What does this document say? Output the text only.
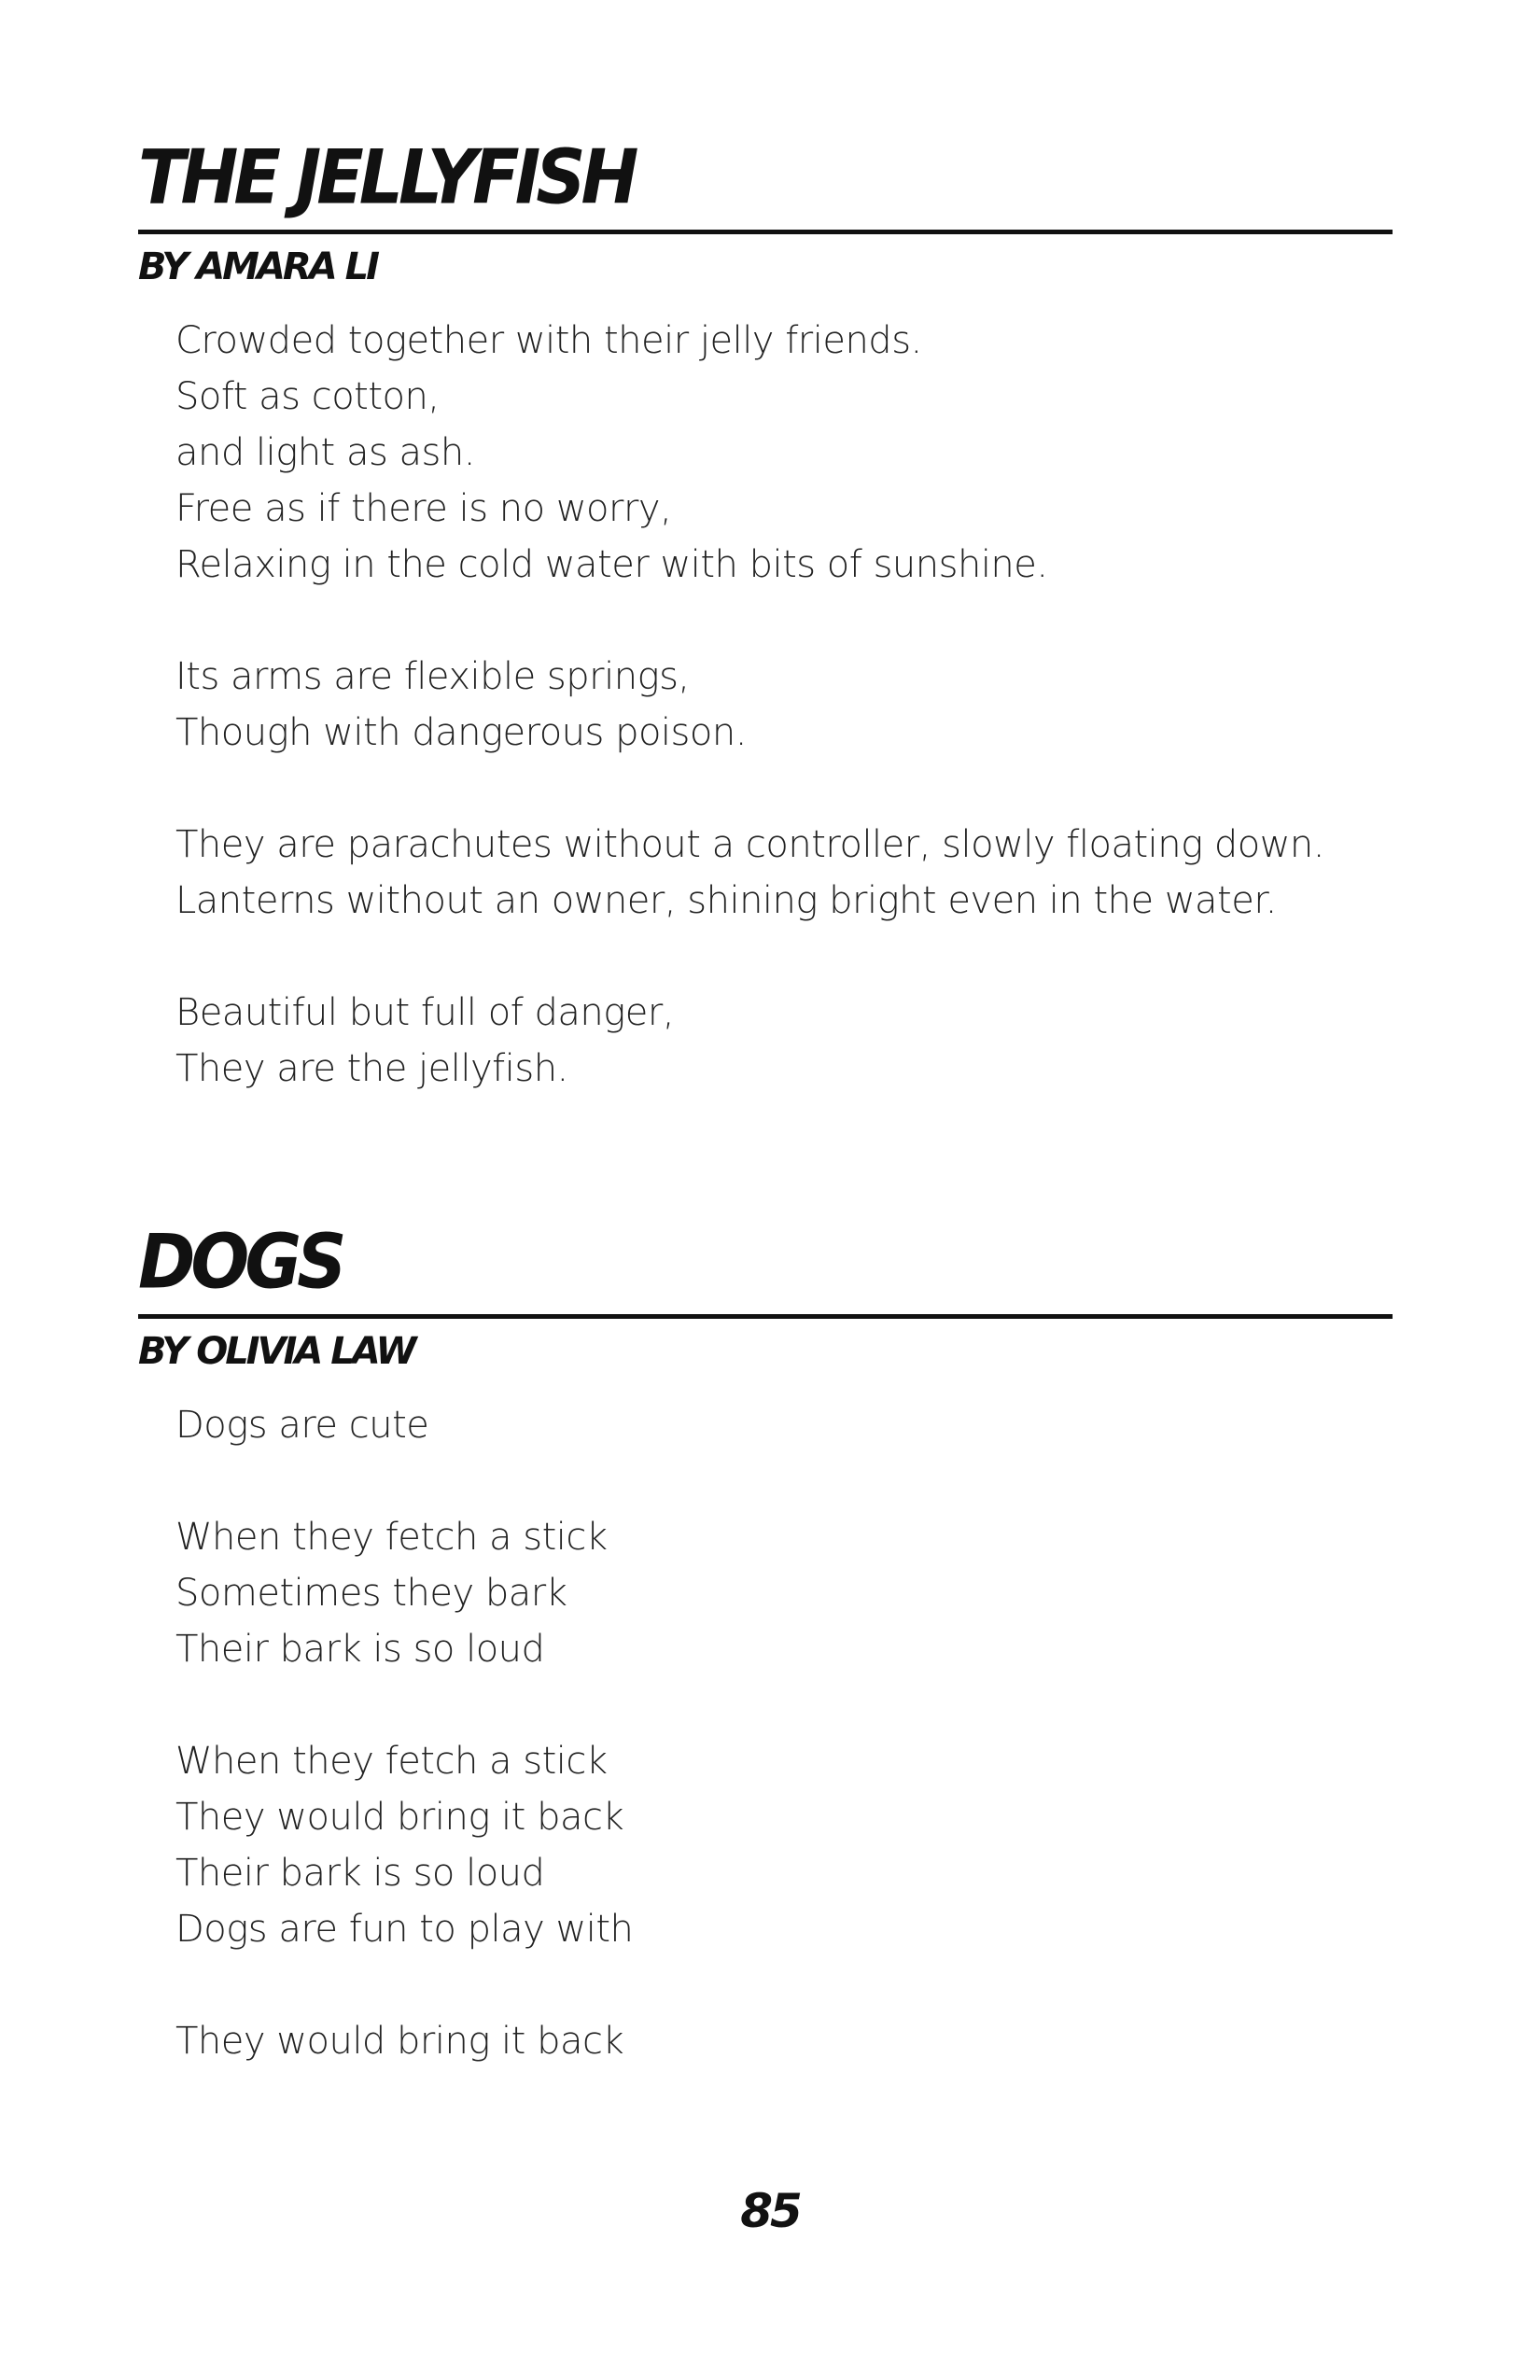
THE JELLYFISH
BY AMARA LI
Crowded together with their jelly friends.
Soft as cotton,
and light as ash.
Free as if there is no worry,
Relaxing in the cold water with bits of sunshine.
Its arms are flexible springs,
Though with dangerous poison.
They are parachutes without a controller, slowly floating down.
Lanterns without an owner, shining bright even in the water.
Beautiful but full of danger,
They are the jellyfish.
DOGS
BY OLIVIA LAW
Dogs are cute
When they fetch a stick
Sometimes they bark
Their bark is so loud
When they fetch a stick
They would bring it back
Their bark is so loud
Dogs are fun to play with
They would bring it back
85
